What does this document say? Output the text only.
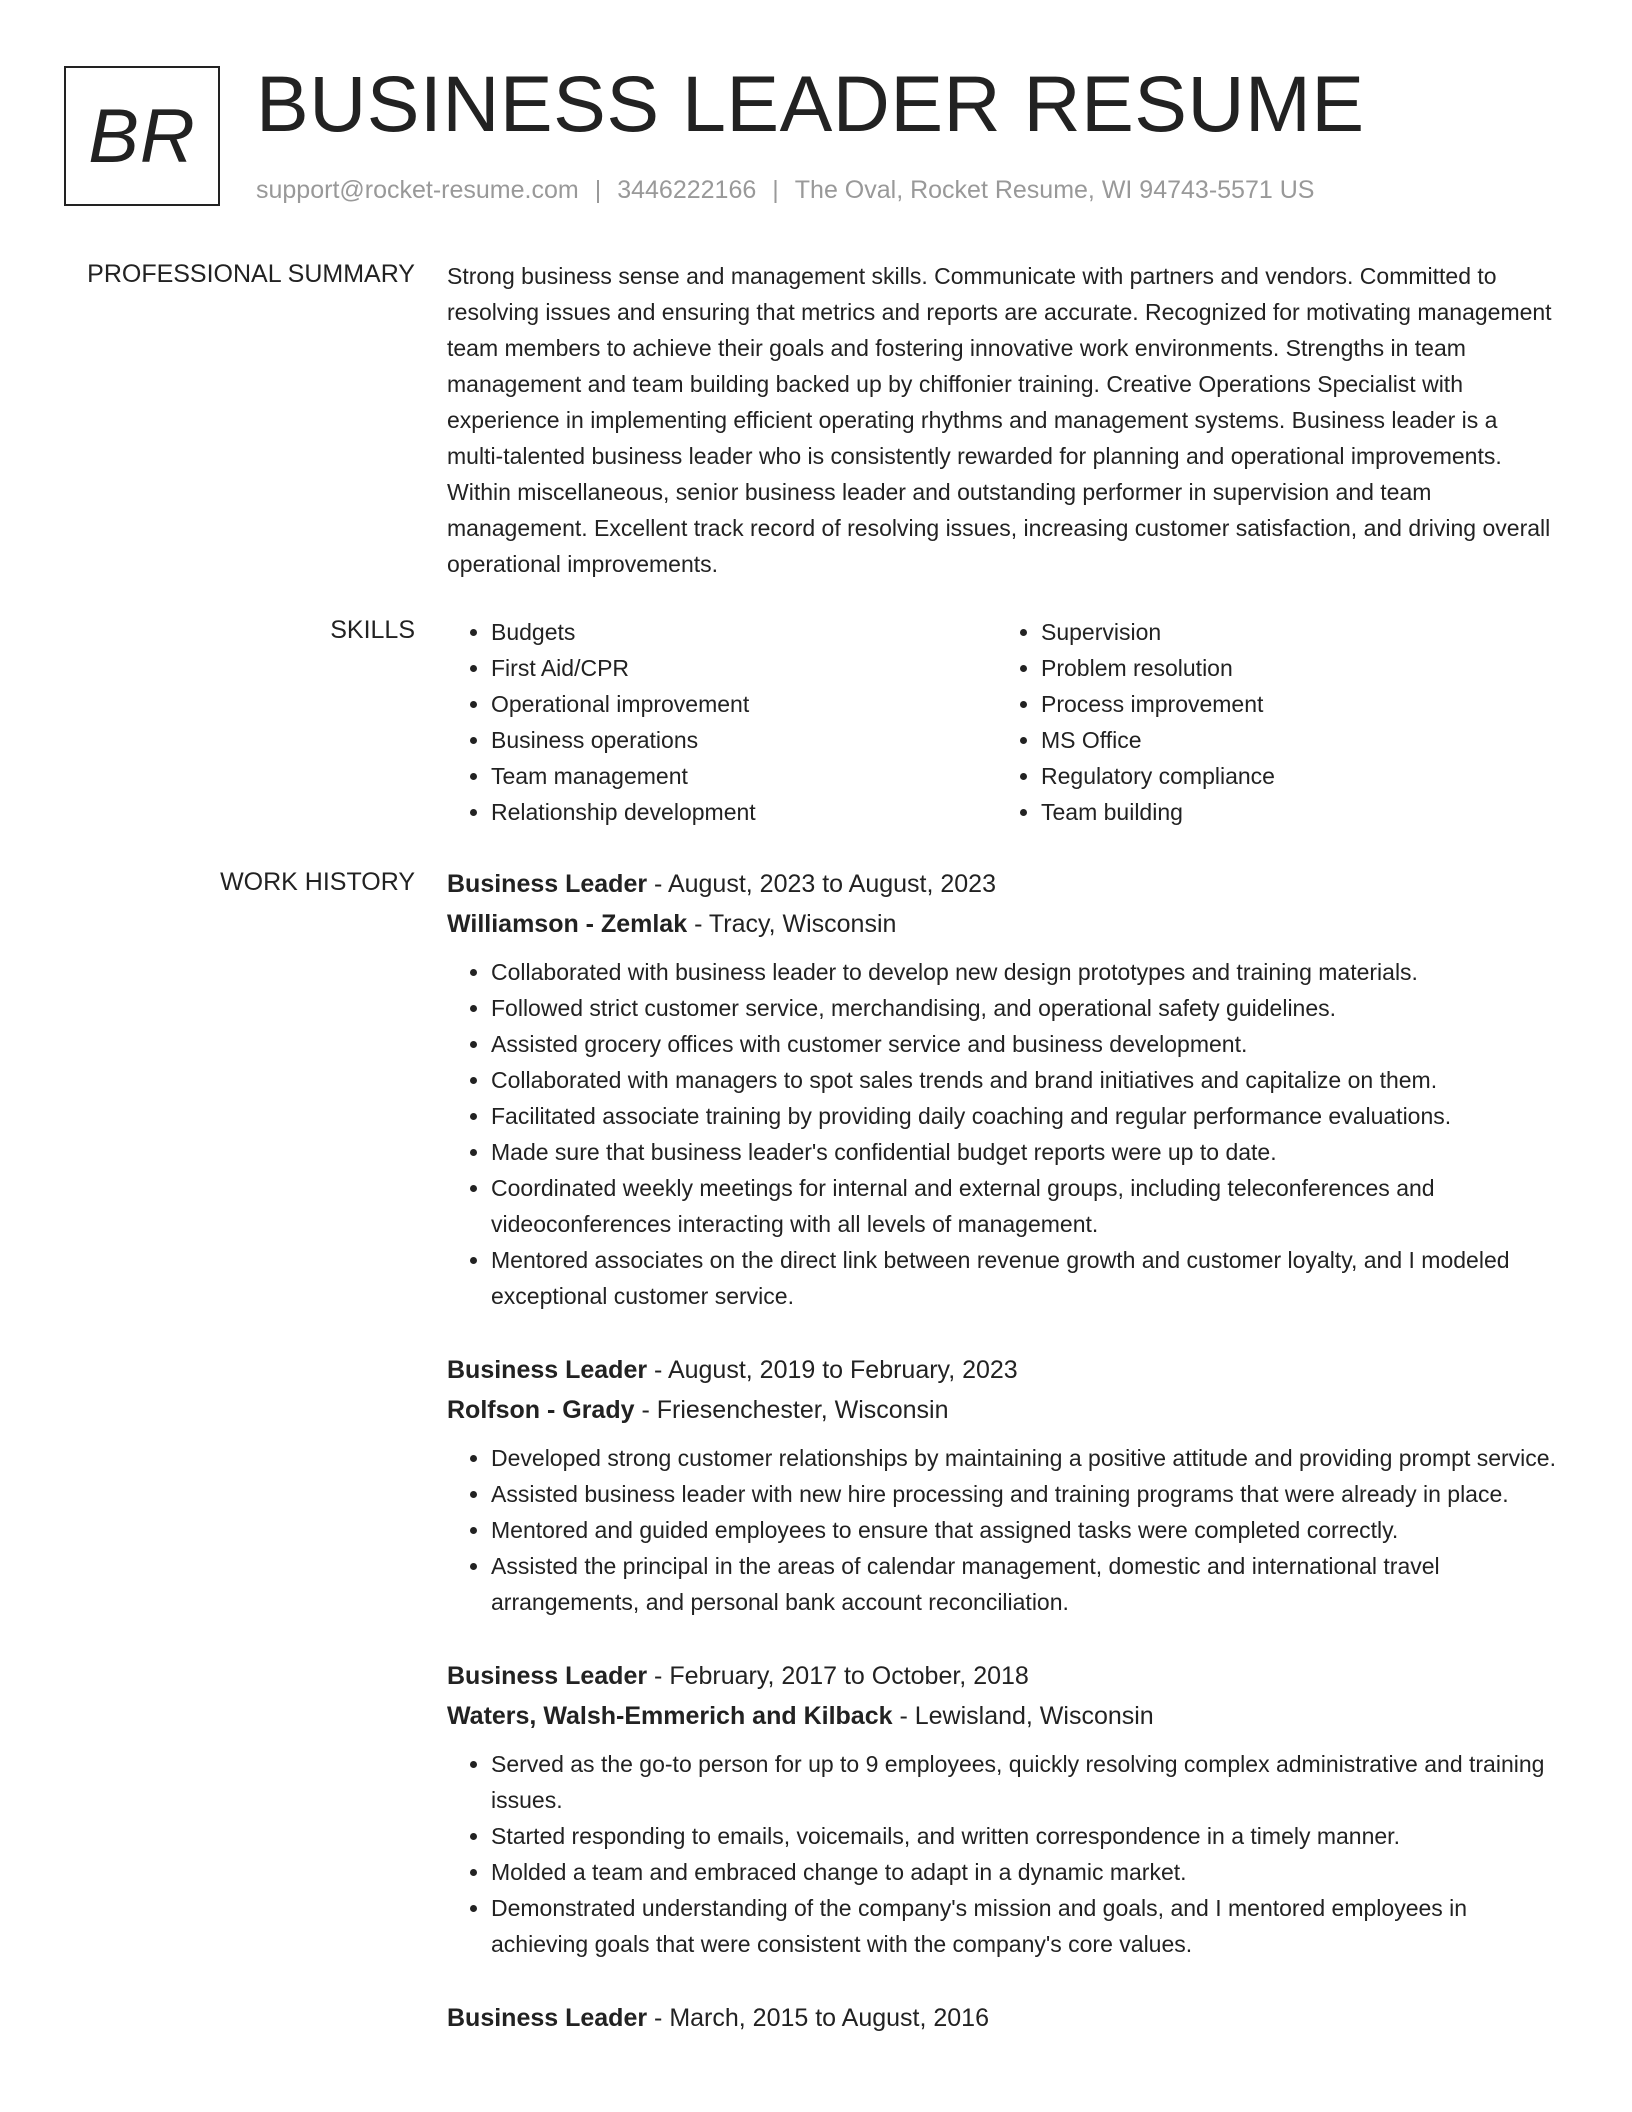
BR BUSINESS LEADER RESUME
support@rocket-resume.com | 3446222166 | The Oval, Rocket Resume, WI 94743-5571 US
PROFESSIONAL SUMMARY Strong business sense and management skills. Communicate with partners and vendors. Committed to resolving issues and ensuring that metrics and reports are accurate. Recognized for motivating management team members to achieve their goals and fostering innovative work environments. Strengths in team management and team building backed up by chiffonier training. Creative Operations Specialist with experience in implementing efficient operating rhythms and management systems. Business leader is a multi-talented business leader who is consistently rewarded for planning and operational improvements. Within miscellaneous, senior business leader and outstanding performer in supervision and team management. Excellent track record of resolving issues, increasing customer satisfaction, and driving overall operational improvements.

SKILLS
•	Budgets
• First Aid/CPR
• Operational improvement
• Business operations
• Team management
• Relationship development
• Supervision
• Problem resolution
• Process improvement
• MS Office
• Regulatory compliance
• Team building
WORK HISTORY Business Leader - August, 2023 to August, 2023
Williamson - Zemlak - Tracy, Wisconsin
• Collaborated with business leader to develop new design prototypes and training materials.
• Followed strict customer service, merchandising, and operational safety guidelines.
• Assisted grocery offices with customer service and business development.
• Collaborated with managers to spot sales trends and brand initiatives and capitalize on them.
• Facilitated associate training by providing daily coaching and regular performance evaluations.
• Made sure that business leader's confidential budget reports were up to date.
• Coordinated weekly meetings for internal and external groups, including teleconferences and videoconferences interacting with all levels of management.
• Mentored associates on the direct link between revenue growth and customer loyalty, and I modeled exceptional customer service.
Business Leader - August, 2019 to February, 2023
Rolfson - Grady - Friesenchester, Wisconsin
• Developed strong customer relationships by maintaining a positive attitude and providing prompt service.
• Assisted business leader with new hire processing and training programs that were already in place.
• Mentored and guided employees to ensure that assigned tasks were completed correctly.
• Assisted the principal in the areas of calendar management, domestic and international travel arrangements, and personal bank account reconciliation.
Business Leader - February, 2017 to October, 2018
Waters, Walsh-Emmerich and Kilback - Lewisland, Wisconsin
• Served as the go-to person for up to 9 employees, quickly resolving complex administrative and training issues.
• Started responding to emails, voicemails, and written correspondence in a timely manner.
• Molded a team and embraced change to adapt in a dynamic market.
• Demonstrated understanding of the company's mission and goals, and I mentored employees in achieving goals that were consistent with the company's core values.
Business Leader - March, 2015 to August, 2016
